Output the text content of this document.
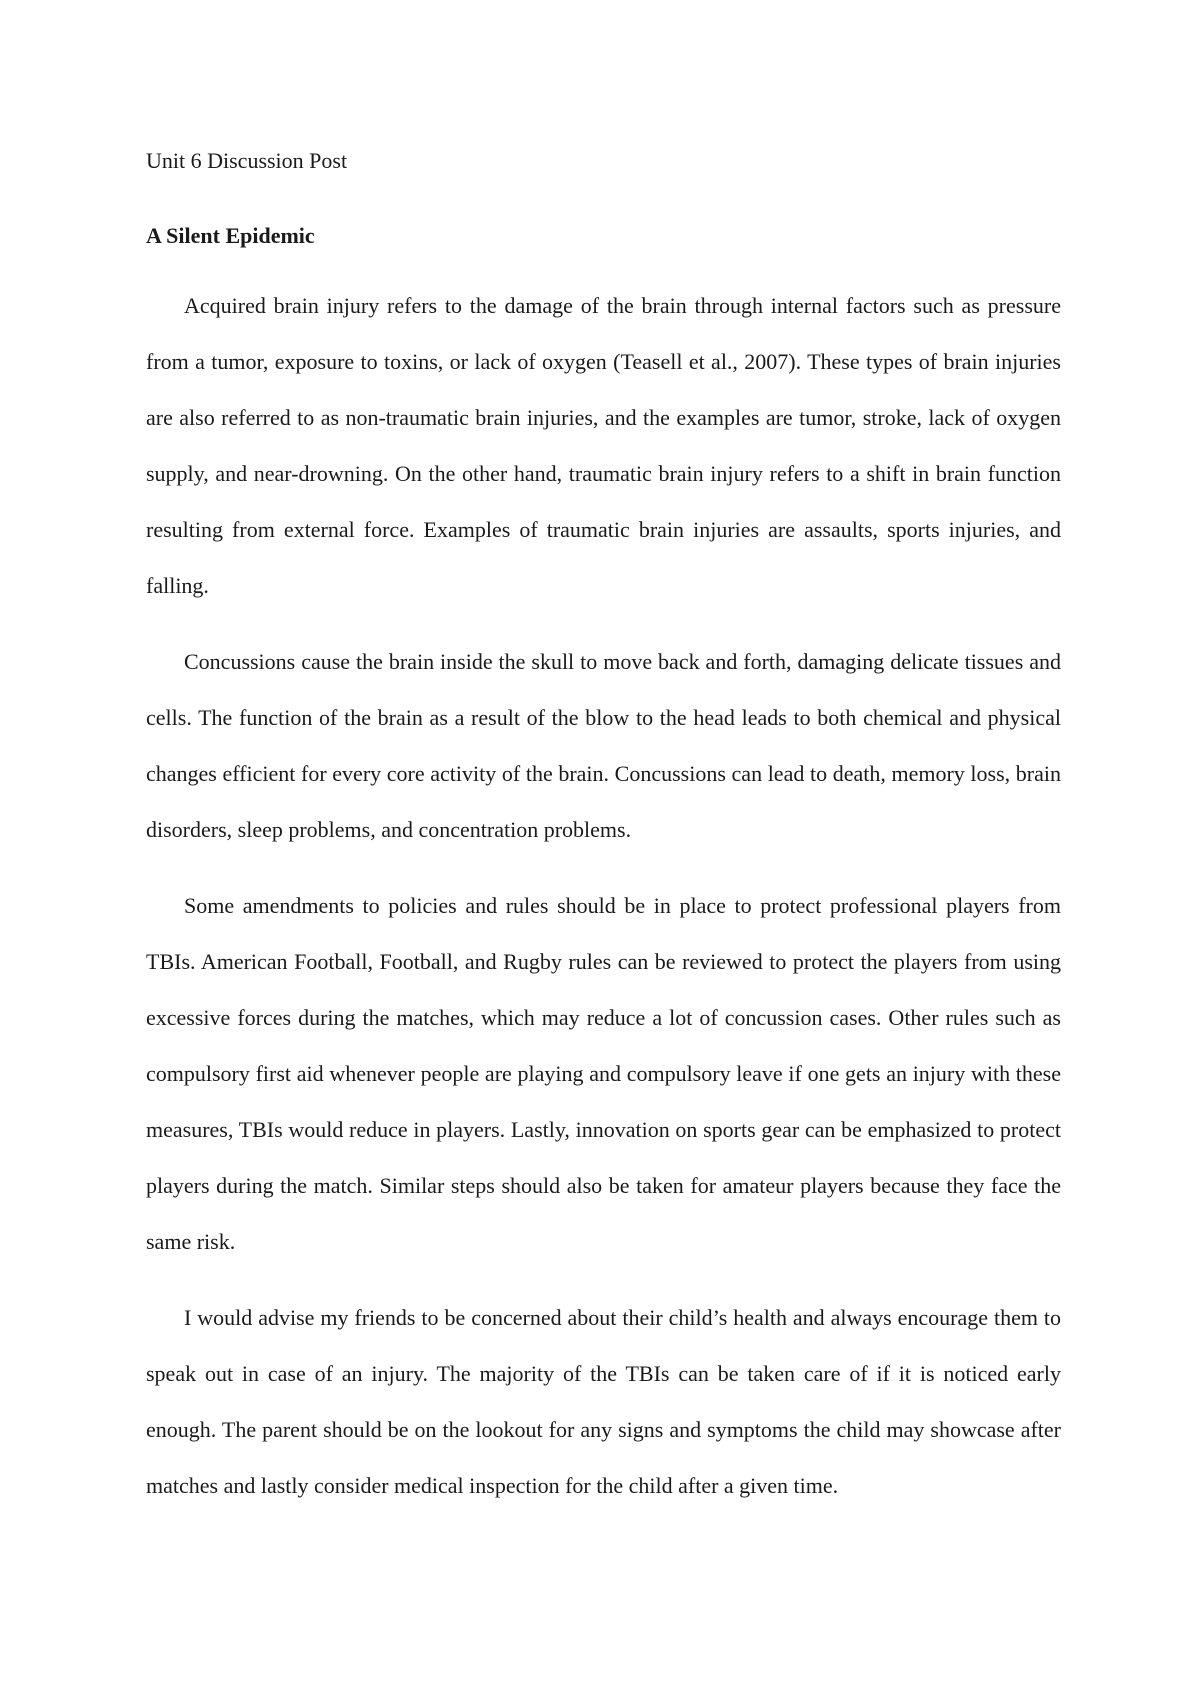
Unit 6 Discussion Post

A Silent Epidemic

Acquired brain injury refers to the damage of the brain through internal factors such as pressure from a tumor, exposure to toxins, or lack of oxygen (Teasell et al., 2007). These types of brain injuries are also referred to as non-traumatic brain injuries, and the examples are tumor, stroke, lack of oxygen supply, and near-drowning. On the other hand, traumatic brain injury refers to a shift in brain function resulting from external force. Examples of traumatic brain injuries are assaults, sports injuries, and falling.

Concussions cause the brain inside the skull to move back and forth, damaging delicate tissues and cells. The function of the brain as a result of the blow to the head leads to both chemical and physical changes efficient for every core activity of the brain. Concussions can lead to death, memory loss, brain disorders, sleep problems, and concentration problems.

Some amendments to policies and rules should be in place to protect professional players from TBIs. American Football, Football, and Rugby rules can be reviewed to protect the players from using excessive forces during the matches, which may reduce a lot of concussion cases. Other rules such as compulsory first aid whenever people are playing and compulsory leave if one gets an injury with these measures, TBIs would reduce in players. Lastly, innovation on sports gear can be emphasized to protect players during the match. Similar steps should also be taken for amateur players because they face the same risk.

I would advise my friends to be concerned about their child’s health and always encourage them to speak out in case of an injury. The majority of the TBIs can be taken care of if it is noticed early enough. The parent should be on the lookout for any signs and symptoms the child may showcase after matches and lastly consider medical inspection for the child after a given time.
